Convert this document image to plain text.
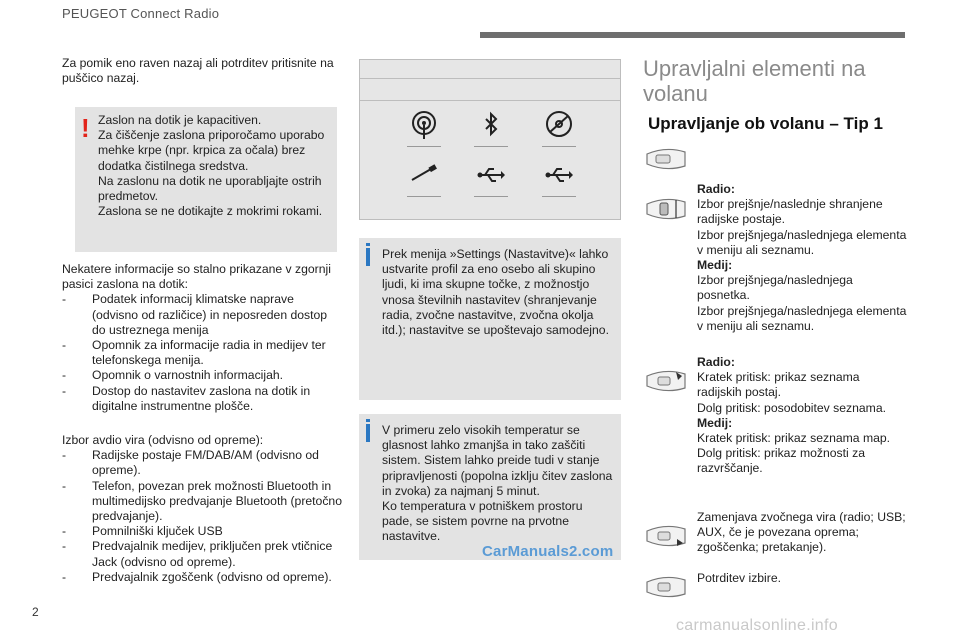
PEUGEOT Connect Radio
Za pomik eno raven nazaj ali potrditev pritisnite na puščico nazaj.
! Zaslon na dotik je kapacitiven.
Za čiščenje zaslona priporočamo uporabo mehke krpe (npr. krpica za očala) brez dodatka čistilnega sredstva.
Na zaslonu na dotik ne uporabljajte ostrih predmetov.
Zaslona se ne dotikajte z mokrimi rokami.
Nekatere informacije so stalno prikazane v zgornji pasici zaslona na dotik:
-	Podatek informacij klimatske naprave (odvisno od različice) in neposreden dostop do ustreznega menija
-	Opomnik za informacije radia in medijev ter telefonskega menija.
-	Opomnik o varnostnih informacijah.
-	Dostop do nastavitev zaslona na dotik in digitalne instrumentne plošče.
Izbor avdio vira (odvisno od opreme):
-	Radijske postaje FM/DAB/AM (odvisno od opreme).
-	Telefon, povezan prek možnosti Bluetooth in multimedijsko predvajanje Bluetooth (pretočno predvajanje).
-	Pomnilniški ključek USB
-	Predvajalnik medijev, priključen prek vtičnice Jack (odvisno od opreme).
-	Predvajalnik zgoščenk (odvisno od opreme).
Prek menija »Settings (Nastavitve)« lahko ustvarite profil za eno osebo ali skupino ljudi, ki ima skupne točke, z možnostjo vnosa številnih nastavitev (shranjevanje radia, zvočne nastavitve, zvočna okolja itd.); nastavitve se upoštevajo samodejno.
V primeru zelo visokih temperatur se glasnost lahko zmanjša in tako zaščiti sistem. Sistem lahko preide tudi v stanje pripravljenosti (popolna izklju čitev zaslona in zvoka) za najmanj 5 minut.
Ko temperatura v potniškem prostoru pade, se sistem povrne na prvotne nastavitve.
CarManuals2.com
Upravljalni elementi na volanu
Upravljanje ob volanu – Tip 1
Radio:
Izbor prejšnje/naslednje shranjene radijske postaje.
Izbor prejšnjega/naslednjega elementa v meniju ali seznamu.
Medij:
Izbor prejšnjega/naslednjega posnetka.
Izbor prejšnjega/naslednjega elementa v meniju ali seznamu.
Radio:
Kratek pritisk: prikaz seznama radijskih postaj.
Dolg pritisk: posodobitev seznama.
Medij:
Kratek pritisk: prikaz seznama map.
Dolg pritisk: prikaz možnosti za razvrščanje.
Zamenjava zvočnega vira (radio; USB; AUX, če je povezana oprema; zgoščenka; pretakanje).
Potrditev izbire.
2
carmanualsonline.info
